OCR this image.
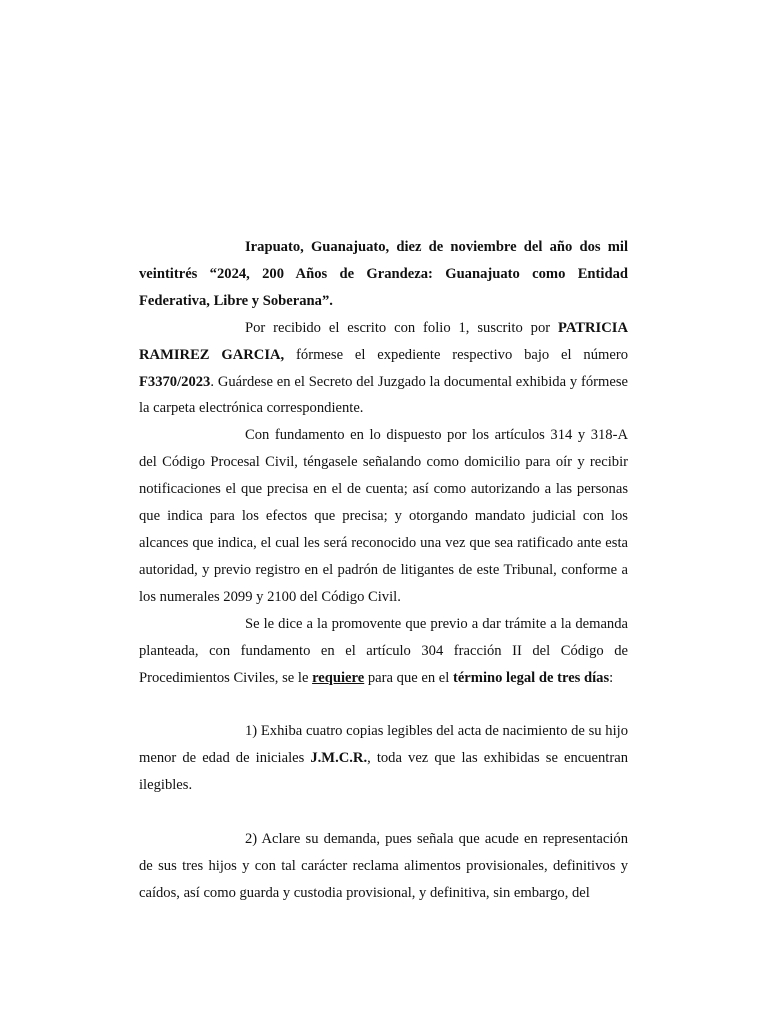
Irapuato, Guanajuato, diez de noviembre del año dos mil veintitrés “2024, 200 Años de Grandeza: Guanajuato como Entidad Federativa, Libre y Soberana”.

Por recibido el escrito con folio 1, suscrito por PATRICIA RAMIREZ GARCIA, fórmese el expediente respectivo bajo el número F3370/2023. Guárdese en el Secreto del Juzgado la documental exhibida y fórmese la carpeta electrónica correspondiente.

Con fundamento en lo dispuesto por los artículos 314 y 318-A del Código Procesal Civil, téngasele señalando como domicilio para oír y recibir notificaciones el que precisa en el de cuenta; así como autorizando a las personas que indica para los efectos que precisa; y otorgando mandato judicial con los alcances que indica, el cual les será reconocido una vez que sea ratificado ante esta autoridad, y previo registro en el padrón de litigantes de este Tribunal, conforme a los numerales 2099 y 2100 del Código Civil.

Se le dice a la promovente que previo a dar trámite a la demanda planteada, con fundamento en el artículo 304 fracción II del Código de Procedimientos Civiles, se le requiere para que en el término legal de tres días:

1) Exhiba cuatro copias legibles del acta de nacimiento de su hijo menor de edad de iniciales J.M.C.R., toda vez que las exhibidas se encuentran ilegibles.

2) Aclare su demanda, pues señala que acude en representación de sus tres hijos y con tal carácter reclama alimentos provisionales, definitivos y caídos, así como guarda y custodia provisional, y definitiva, sin embargo, del
